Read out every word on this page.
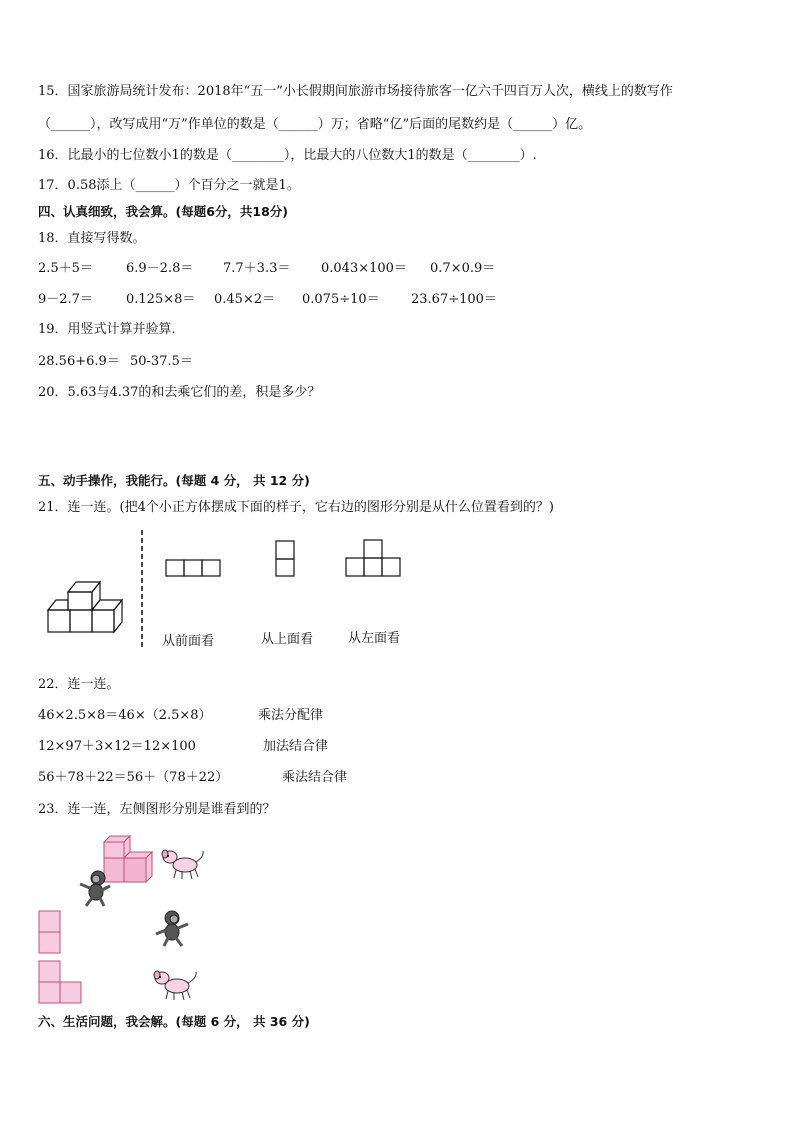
15．国家旅游局统计发布：2018年“五一”小长假期间旅游市场接待旅客一亿六千四百万人次，横线上的数写作
（______），改写成用“万”作单位的数是（______）万；省略“亿”后面的尾数约是（______）亿。
16．比最小的七位数小1的数是（________），比最大的八位数大1的数是（________）.
17．0.58添上（______）个百分之一就是1。
四、认真细致，我会算。(每题6分，共18分)
18．直接写得数。
2.5＋5＝	6.9－2.8＝ 7.7＋3.3＝ 0.043×100＝ 0.7×0.9＝
9－2.7＝	0.125×8＝ 0.45×2＝ 0.075÷10＝ 23.67÷100＝
19．用竖式计算并验算．
28.56+6.9＝ 50-37.5＝
20．5.63与4.37的和去乘它们的差，积是多少？
五、动手操作，我能行。(每题 4 分， 共 12 分)
21．连一连。(把4个小正方体摆成下面的样子，它右边的图形分别是从什么位置看到的？)
从前面看	从上面看	从左面看
22．连一连。
46×2.5×8＝46×（2.5×8）
12×97＋3×12＝12×100
56＋78＋22＝56＋（78＋22）
乘法分配律
加法结合律
乘法结合律
23．连一连，左侧图形分别是谁看到的？
六、生活问题，我会解。(每题 6 分， 共 36 分)
